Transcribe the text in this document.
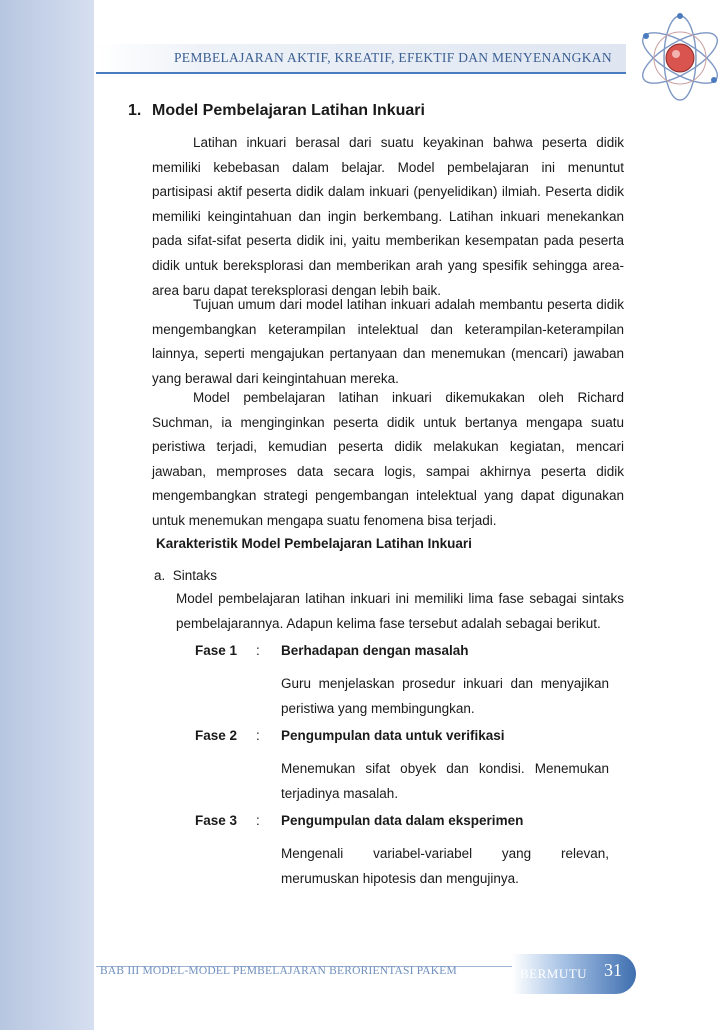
PEMBELAJARAN AKTIF, KREATIF, EFEKTIF DAN MENYENANGKAN
1. Model Pembelajaran Latihan Inkuari

Latihan inkuari berasal dari suatu keyakinan bahwa peserta didik memiliki kebebasan dalam belajar. Model pembelajaran ini menuntut partisipasi aktif peserta didik dalam inkuari (penyelidikan) ilmiah. Peserta didik memiliki keingintahuan dan ingin berkembang. Latihan inkuari menekankan pada sifat-sifat peserta didik ini, yaitu memberikan kesempatan pada peserta didik untuk bereksplorasi dan memberikan arah yang spesifik sehingga area-area baru dapat tereksplorasi dengan lebih baik.

Tujuan umum dari model latihan inkuari adalah membantu peserta didik mengembangkan keterampilan intelektual dan keterampilan-keterampilan lainnya, seperti mengajukan pertanyaan dan menemukan (mencari) jawaban yang berawal dari keingintahuan mereka.

Model pembelajaran latihan inkuari dikemukakan oleh Richard Suchman, ia menginginkan peserta didik untuk bertanya mengapa suatu peristiwa terjadi, kemudian peserta didik melakukan kegiatan, mencari jawaban, memproses data secara logis, sampai akhirnya peserta didik mengembangkan strategi pengembangan intelektual yang dapat digunakan untuk menemukan mengapa suatu fenomena bisa terjadi.

Karakteristik Model Pembelajaran Latihan Inkuari
a.  Sintaks

Model pembelajaran latihan inkuari ini memiliki lima fase sebagai sintaks pembelajarannya. Adapun kelima fase tersebut adalah sebagai berikut.

Fase 1 : Berhadapan dengan masalah

Guru menjelaskan prosedur inkuari dan menyajikan peristiwa yang membingungkan.

Fase 2 : Pengumpulan data untuk verifikasi

Menemukan sifat obyek dan kondisi. Menemukan terjadinya masalah.

Fase 3 : Pengumpulan data dalam eksperimen

Mengenali variabel-variabel yang relevan, merumuskan hipotesis dan mengujinya.

BAB III MODEL-MODEL PEMBELAJARAN BERORIENTASI PAKEM	BERMUTU 31
